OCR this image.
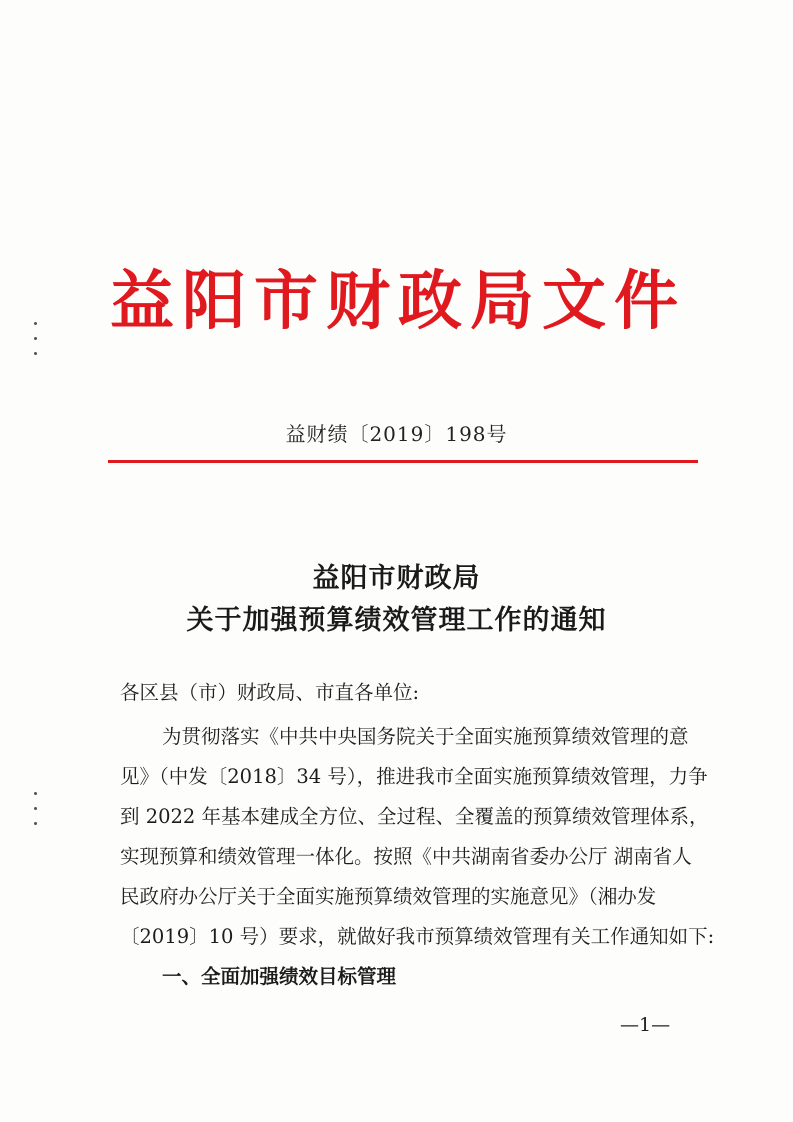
益阳市财政局文件
益财绩〔2019〕198号
益阳市财政局
关于加强预算绩效管理工作的通知
各区县（市）财政局、市直各单位:
为贯彻落实《中共中央国务院关于全面实施预算绩效管理的意
见》（中发〔2018〕34 号），推进我市全面实施预算绩效管理，力争
到 2022 年基本建成全方位、全过程、全覆盖的预算绩效管理体系，
实现预算和绩效管理一体化。按照《中共湖南省委办公厅 湖南省人
民政府办公厅关于全面实施预算绩效管理的实施意见》（湘办发
〔2019〕10 号）要求，就做好我市预算绩效管理有关工作通知如下:
一、全面加强绩效目标管理
—1—
